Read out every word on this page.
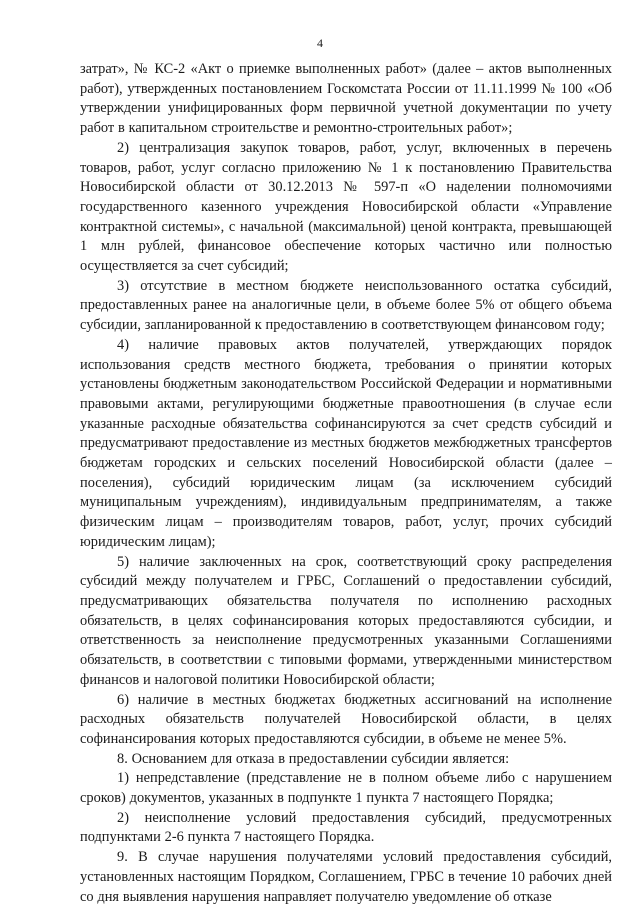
4

затрат», № КС-2 «Акт о приемке выполненных работ» (далее – актов выполненных работ), утвержденных постановлением Госкомстата России от 11.11.1999 № 100 «Об утверждении унифицированных форм первичной учетной документации по учету работ в капитальном строительстве и ремонтно-строительных работ»;

2) централизация закупок товаров, работ, услуг, включенных в перечень товаров, работ, услуг согласно приложению № 1 к постановлению Правительства Новосибирской области от 30.12.2013 № 597-п «О наделении полномочиями государственного казенного учреждения Новосибирской области «Управление контрактной системы», с начальной (максимальной) ценой контракта, превышающей 1 млн рублей, финансовое обеспечение которых частично или полностью осуществляется за счет субсидий;

3) отсутствие в местном бюджете неиспользованного остатка субсидий, предоставленных ранее на аналогичные цели, в объеме более 5% от общего объема субсидии, запланированной к предоставлению в соответствующем финансовом году;

4) наличие правовых актов получателей, утверждающих порядок использования средств местного бюджета, требования о принятии которых установлены бюджетным законодательством Российской Федерации и нормативными правовыми актами, регулирующими бюджетные правоотношения (в случае если указанные расходные обязательства софинансируются за счет средств субсидий и предусматривают предоставление из местных бюджетов межбюджетных трансфертов бюджетам городских и сельских поселений Новосибирской области (далее – поселения), субсидий юридическим лицам (за исключением субсидий муниципальным учреждениям), индивидуальным предпринимателям, а также физическим лицам – производителям товаров, работ, услуг, прочих субсидий юридическим лицам);

5) наличие заключенных на срок, соответствующий сроку распределения субсидий между получателем и ГРБС, Соглашений о предоставлении субсидий, предусматривающих обязательства получателя по исполнению расходных обязательств, в целях софинансирования которых предоставляются субсидии, и ответственность за неисполнение предусмотренных указанными Соглашениями обязательств, в соответствии с типовыми формами, утвержденными министерством финансов и налоговой политики Новосибирской области;

6) наличие в местных бюджетах бюджетных ассигнований на исполнение расходных обязательств получателей Новосибирской области, в целях софинансирования которых предоставляются субсидии, в объеме не менее 5%.

8. Основанием для отказа в предоставлении субсидии является:

1) непредставление (представление не в полном объеме либо с нарушением сроков) документов, указанных в подпункте 1 пункта 7 настоящего Порядка;

2) неисполнение условий предоставления субсидий, предусмотренных подпунктами 2-6 пункта 7 настоящего Порядка.

9. В случае нарушения получателями условий предоставления субсидий, установленных настоящим Порядком, Соглашением, ГРБС в течение 10 рабочих дней со дня выявления нарушения направляет получателю уведомление об отказе
